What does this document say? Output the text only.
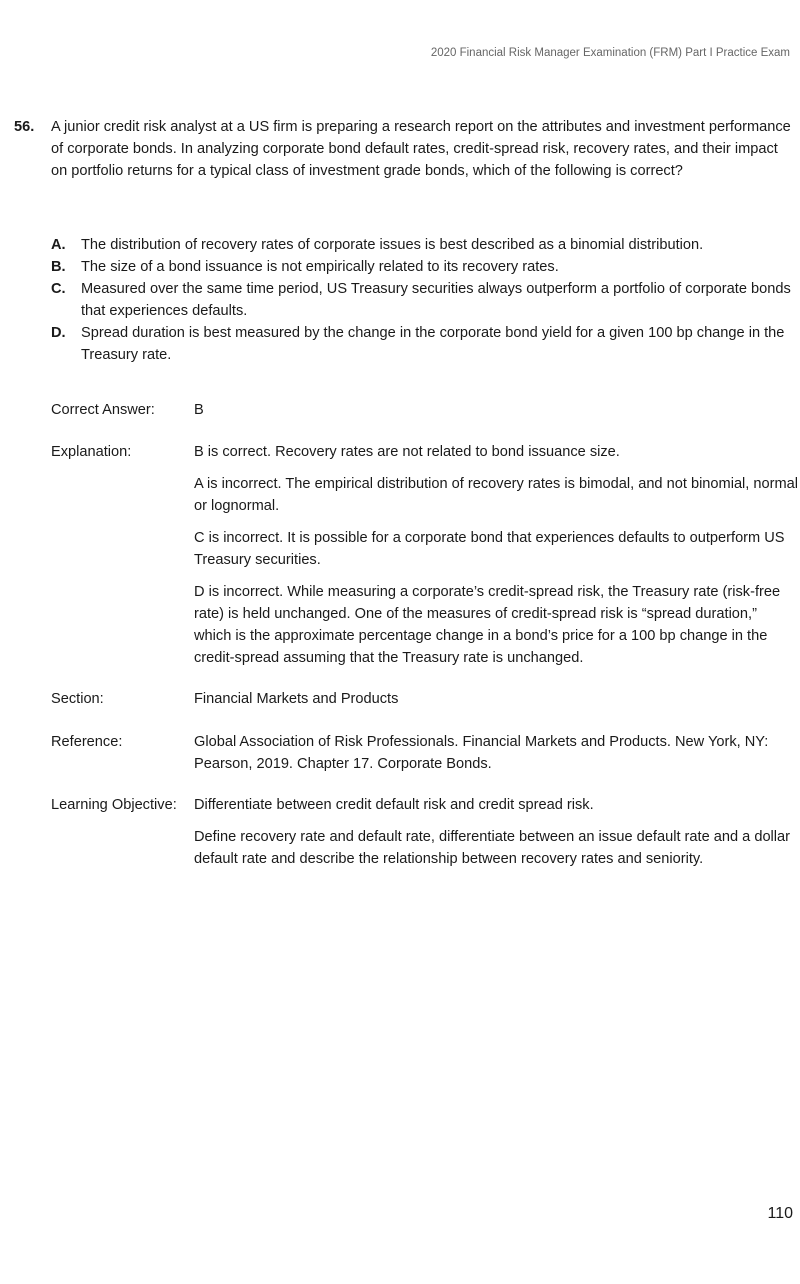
2020 Financial Risk Manager Examination (FRM) Part I Practice Exam
56.	A junior credit risk analyst at a US firm is preparing a research report on the attributes and investment performance of corporate bonds. In analyzing corporate bond default rates, credit-spread risk, recovery rates, and their impact on portfolio returns for a typical class of investment grade bonds, which of the following is correct?
A.	The distribution of recovery rates of corporate issues is best described as a binomial distribution.
B.	The size of a bond issuance is not empirically related to its recovery rates.
C.	Measured over the same time period, US Treasury securities always outperform a portfolio of corporate bonds that experiences defaults.
D.	Spread duration is best measured by the change in the corporate bond yield for a given 100 bp change in the Treasury rate.
Correct Answer:	B
Explanation:	B is correct. Recovery rates are not related to bond issuance size.

A is incorrect. The empirical distribution of recovery rates is bimodal, and not binomial, normal or lognormal.

C is incorrect. It is possible for a corporate bond that experiences defaults to outperform US Treasury securities.

D is incorrect. While measuring a corporate’s credit-spread risk, the Treasury rate (risk-free rate) is held unchanged. One of the measures of credit-spread risk is “spread duration,” which is the approximate percentage change in a bond’s price for a 100 bp change in the credit-spread assuming that the Treasury rate is unchanged.

Section:	Financial Markets and Products
Reference:	Global Association of Risk Professionals. Financial Markets and Products. New York, NY: Pearson, 2019. Chapter 17. Corporate Bonds.
Learning Objective:	Differentiate between credit default risk and credit spread risk.

Define recovery rate and default rate, differentiate between an issue default rate and a dollar default rate and describe the relationship between recovery rates and seniority.

110
